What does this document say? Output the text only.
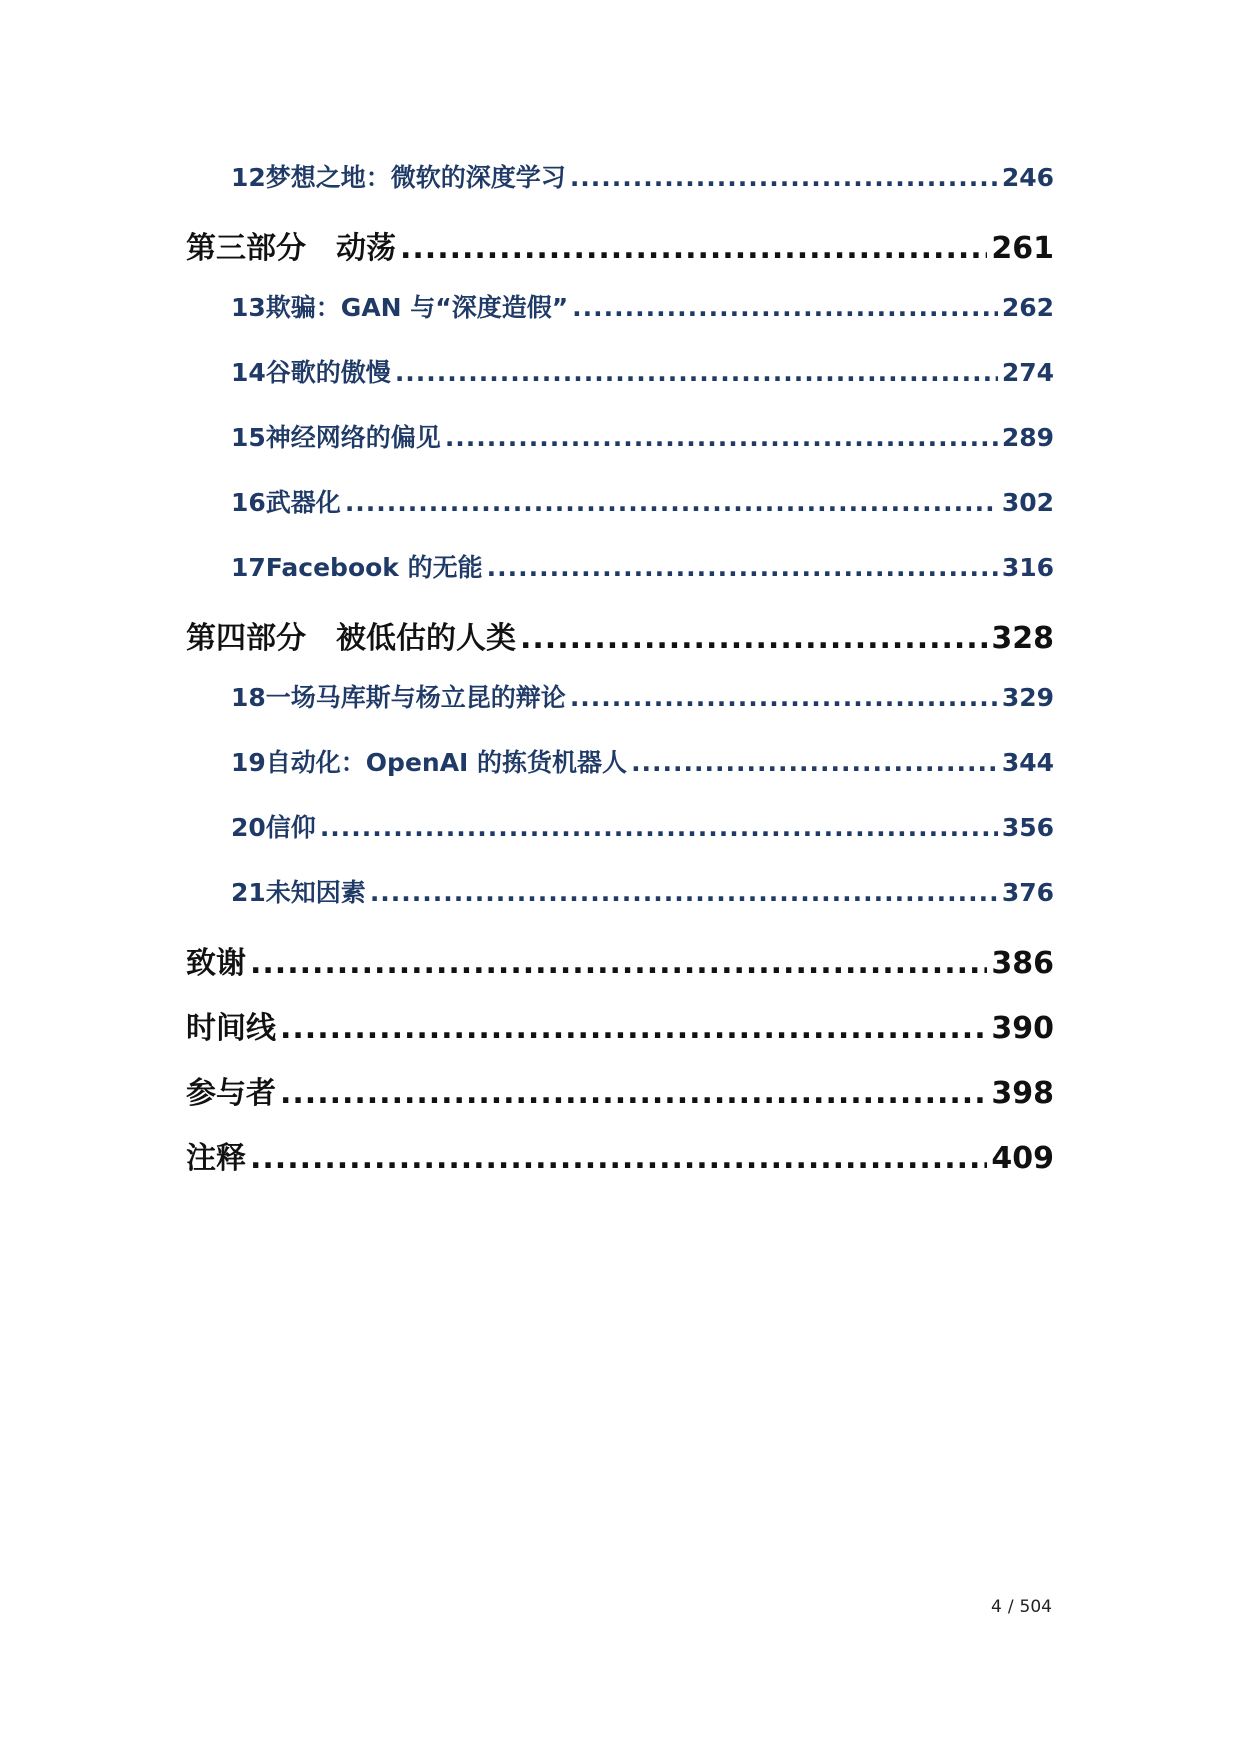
12 梦想之地：微软的深度学习 .....	246
第三部分　动荡 .....	261
13 欺骗：GAN 与“深度造假” .....	262
14 谷歌的傲慢 .....	274
15 神经网络的偏见 .....	289
16 武器化 .....	302
17 Facebook 的无能 .....	316
第四部分　被低估的人类 .....	328
18 一场马库斯与杨立昆的辩论 .....	329
19 自动化：OpenAI 的拣货机器人 .....	344
20 信仰 .....	356
21 未知因素 .....	376
致谢 .....	386
时间线 .....	390
参与者 .....	398
注释 .....	409
4 / 504
